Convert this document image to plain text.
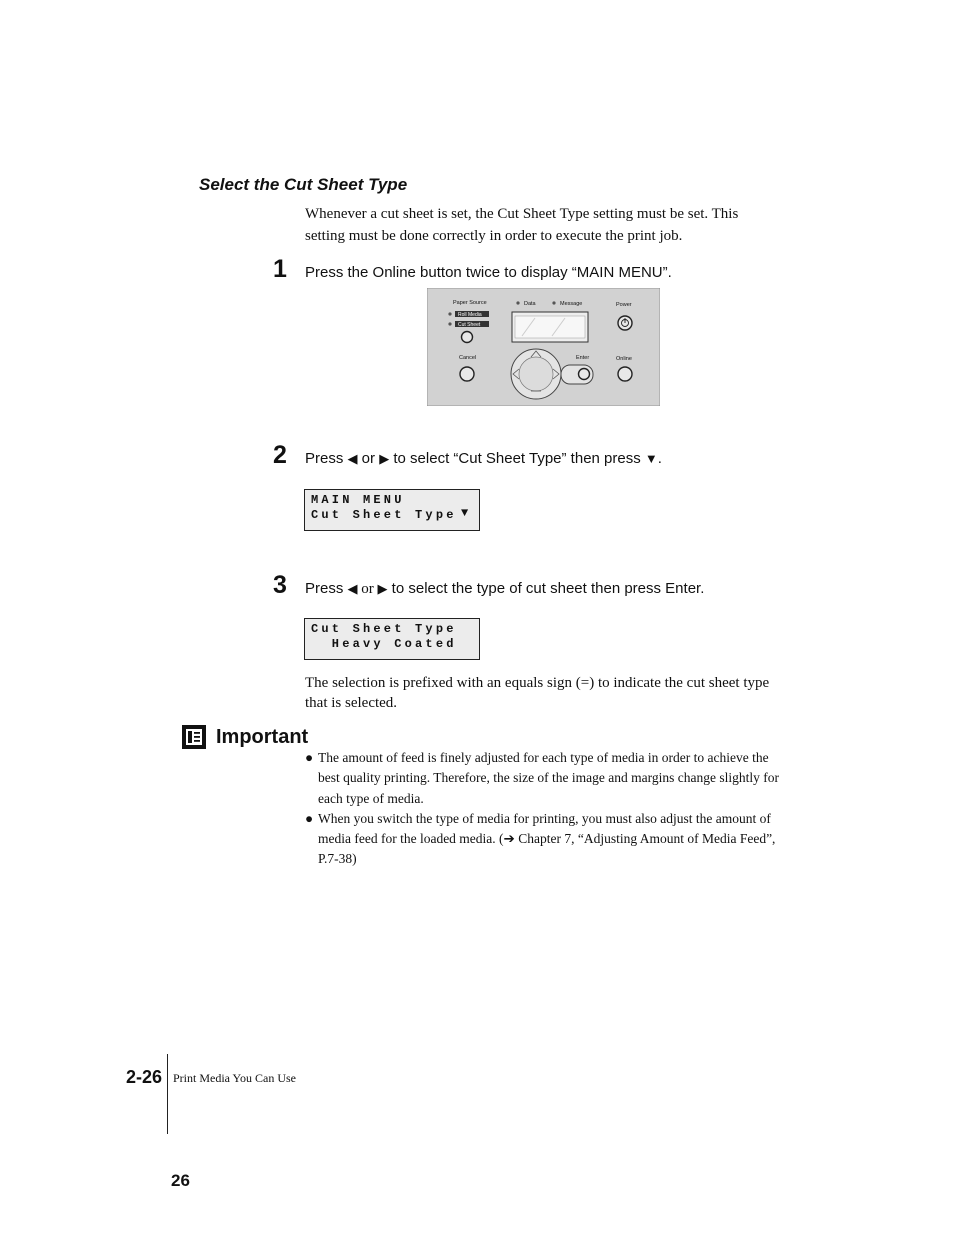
Select the Cut Sheet Type
Whenever a cut sheet is set, the Cut Sheet Type setting must be set. This setting must be done correctly in order to execute the print job.
1 Press the Online button twice to display “MAIN MENU”.
Paper Source
Roll Media
Cut Sheet
Data	Message	Power
Cancel	Enter	Online
2 Press ◀ or ▶ to select “Cut Sheet Type” then press ▼.
MAIN MENU
Cut Sheet Type ▼
3 Press ◀ or ▶ to select the type of cut sheet then press Enter.
Cut Sheet Type
Heavy Coated
The selection is prefixed with an equals sign (=) to indicate the cut sheet type that is selected.
Important
● The amount of feed is finely adjusted for each type of media in order to achieve the best quality printing. Therefore, the size of the image and margins change slightly for each type of media.
● When you switch the type of media for printing, you must also adjust the amount of media feed for the loaded media. (➔ Chapter 7, “Adjusting Amount of Media Feed”, P.7-38)
2-26 Print Media You Can Use
26
